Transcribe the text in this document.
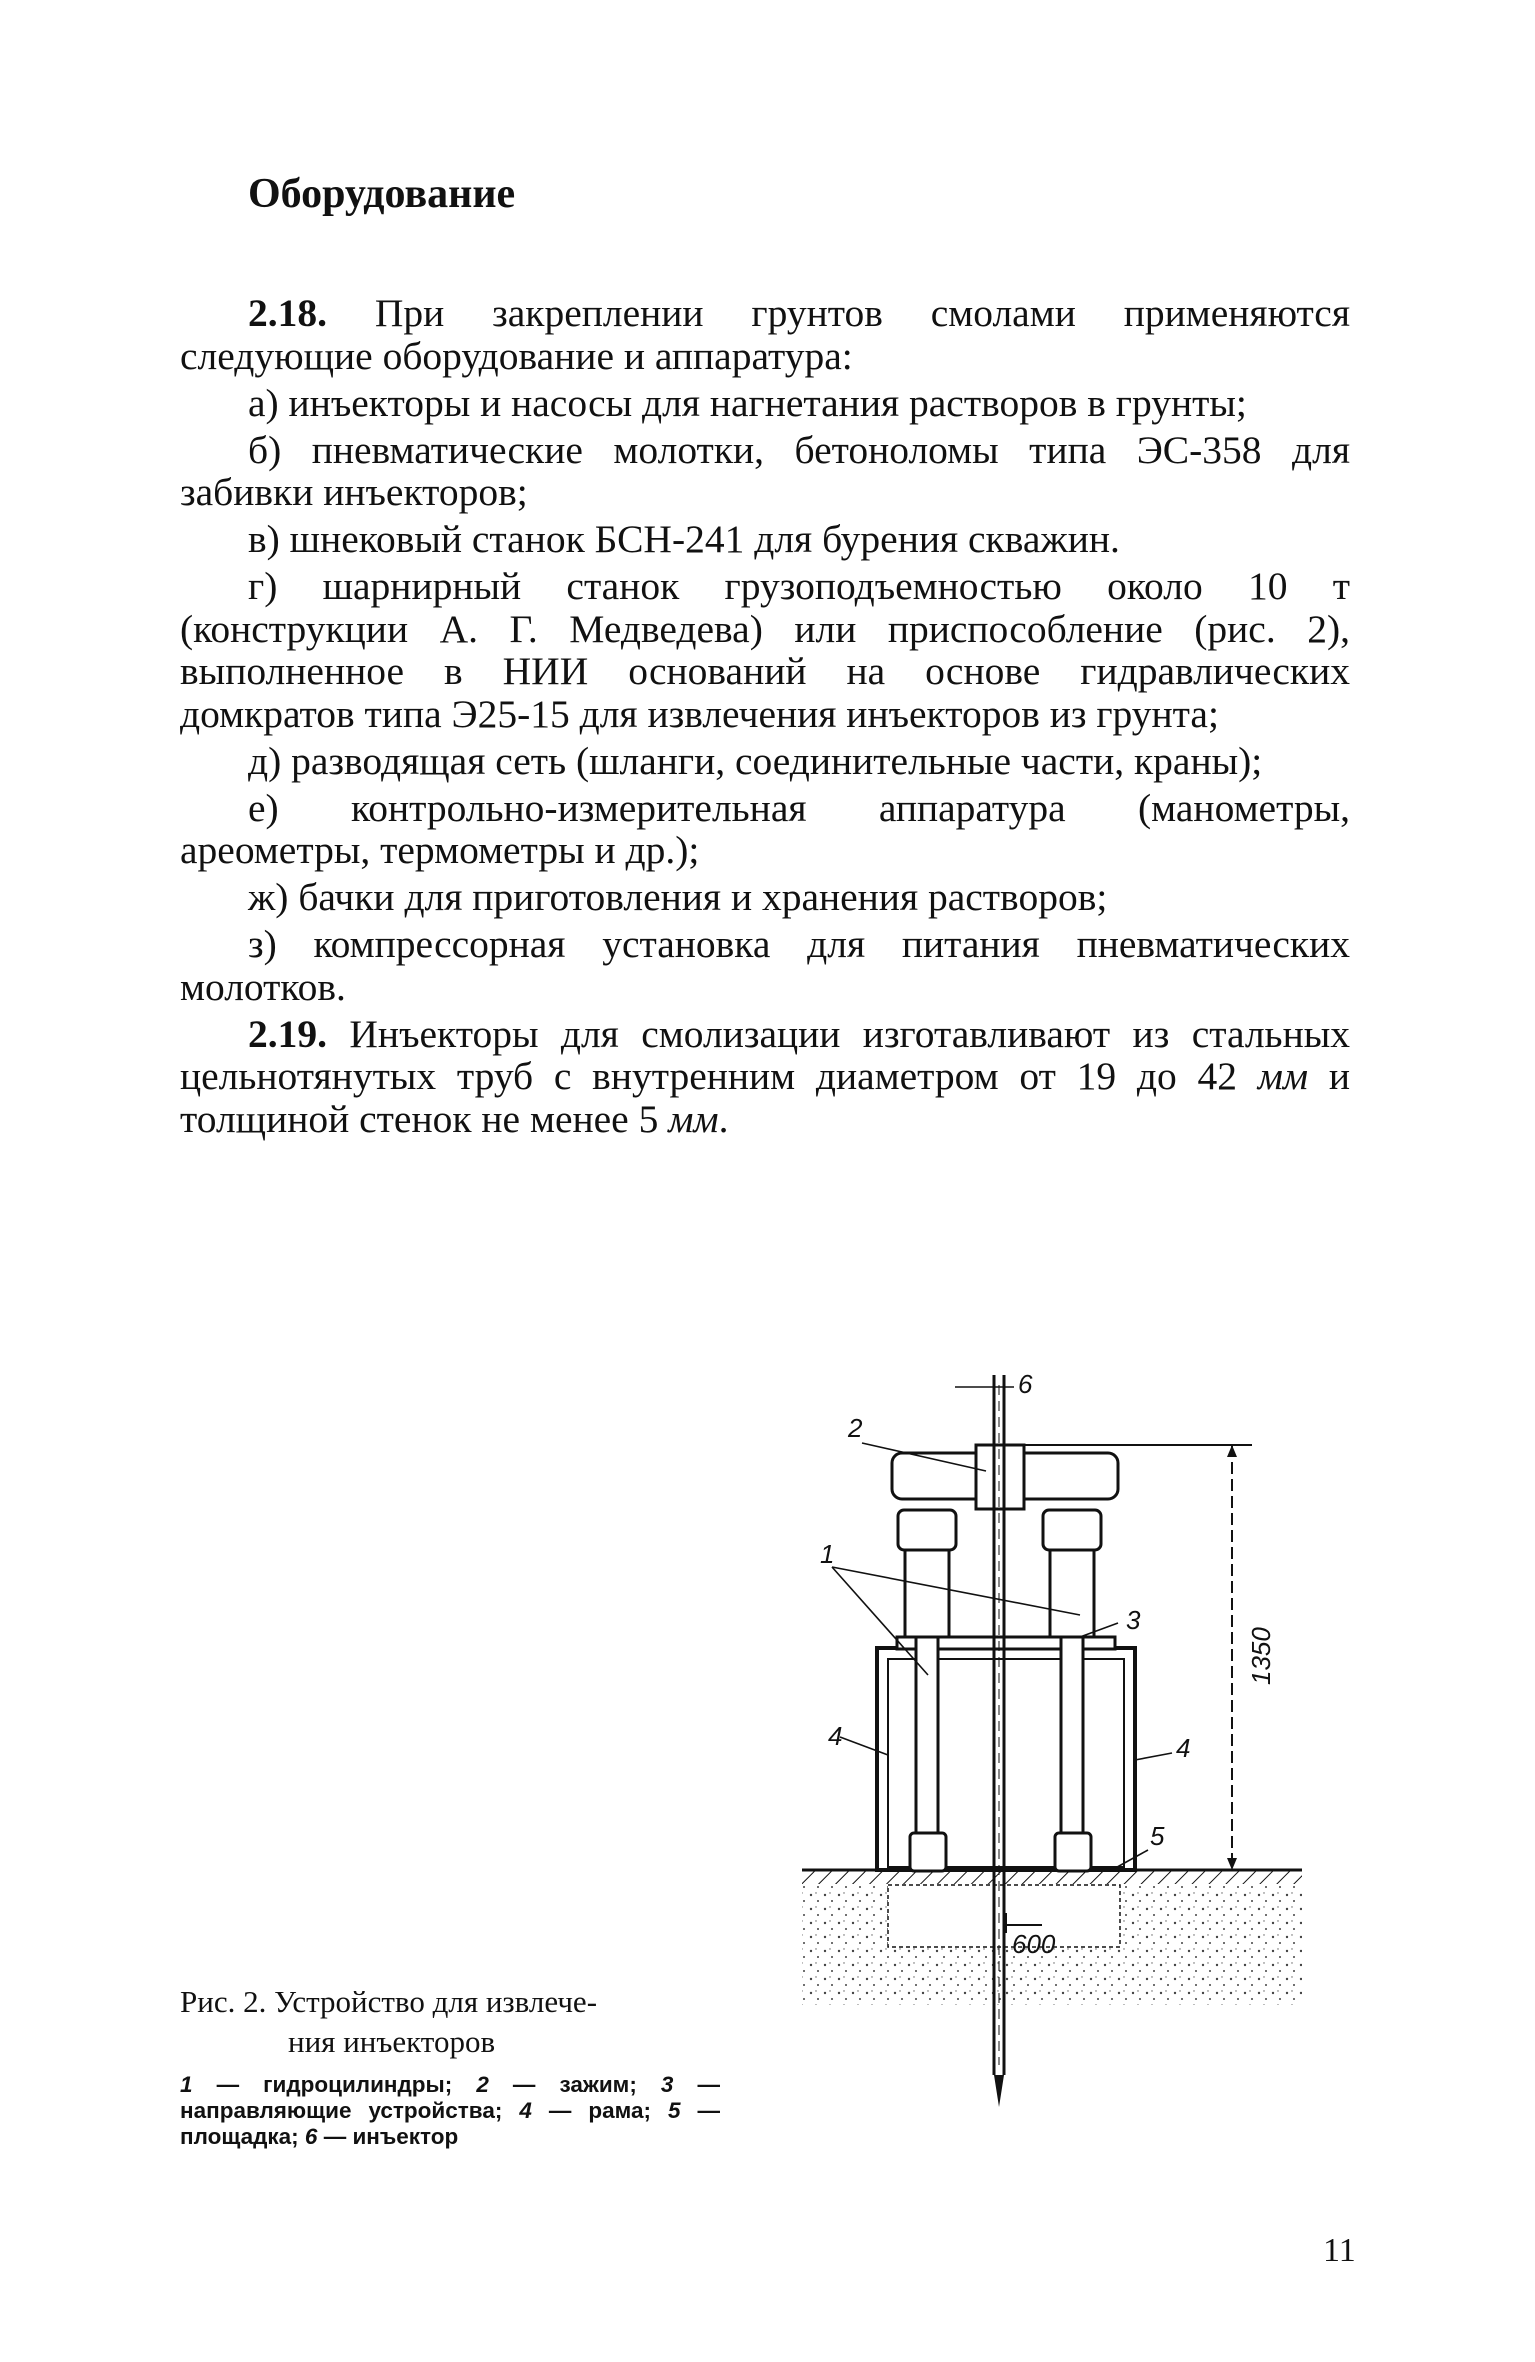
Оборудование

2.18. При закреплении грунтов смолами применяются следующие оборудование и аппаратура:

а) инъекторы и насосы для нагнетания растворов в грунты;

б) пневматические молотки, бетоноломы типа ЭС-358 для забивки инъекторов;

в) шнековый станок БСН-241 для бурения скважин.

г) шарнирный станок грузоподъемностью около 10 т (конструкции А. Г. Медведева) или приспособление (рис. 2), выполненное в НИИ оснований на основе гидравлических домкратов типа Э25-15 для извлечения инъекторов из грунта;

д) разводящая сеть (шланги, соединительные части, краны);

е) контрольно-измерительная аппаратура (манометры, ареометры, термометры и др.);

ж) бачки для приготовления и хранения растворов;

з) компрессорная установка для питания пневматических молотков.

2.19. Инъекторы для смолизации изготавливают из стальных цельнотянутых труб с внутренним диаметром от 19 до 42 мм и толщиной стенок не менее 5 мм.

6
2
1
3
4	4
5
1350
600
Рис. 2. Устройство для извлече-
ния инъекторов
1 — гидроцилиндры; 2 — зажим; 3 — направляющие устройства; 4 — рама; 5 — площадка; 6 — инъектор
11
